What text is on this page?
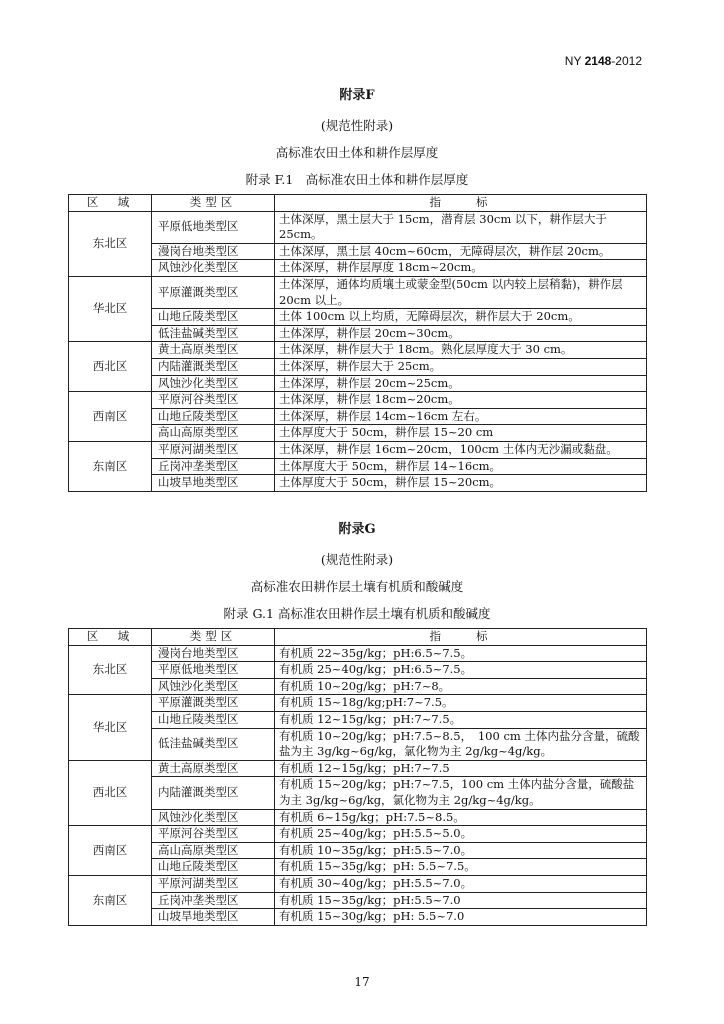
NY 2148-2012
附录F
(规范性附录)
高标准农田土体和耕作层厚度
附录 F.1　高标准农田土体和耕作层厚度
区　域	类型区	指　　标
东北区	平原低地类型区	土体深厚，黑土层大于 15cm，潜育层 30cm 以下，耕作层大于 25cm。
	漫岗台地类型区	土体深厚，黑土层 40cm~60cm，无障碍层次，耕作层 20cm。
	风蚀沙化类型区	土体深厚，耕作层厚度 18cm~20cm。
华北区	平原灌溉类型区	土体深厚，通体均质壤土或蒙金型(50cm 以内较上层稍黏)，耕作层 20cm 以上。
	山地丘陵类型区	土体 100cm 以上均质，无障碍层次，耕作层大于 20cm。
	低洼盐碱类型区	土体深厚，耕作层 20cm~30cm。
西北区	黄土高原类型区	土体深厚，耕作层大于 18cm。熟化层厚度大于 30 cm。
	内陆灌溉类型区	土体深厚，耕作层大于 25cm。
	风蚀沙化类型区	土体深厚，耕作层 20cm~25cm。
西南区	平原河谷类型区	土体深厚，耕作层 18cm~20cm。
	山地丘陵类型区	土体深厚，耕作层 14cm~16cm 左右。
	高山高原类型区	土体厚度大于 50cm，耕作层 15~20 cm
东南区	平原河湖类型区	土体深厚，耕作层 16cm~20cm，100cm 土体内无沙漏或黏盘。
	丘岗冲垄类型区	土体厚度大于 50cm，耕作层 14~16cm。
	山坡旱地类型区	土体厚度大于 50cm，耕作层 15~20cm。
附录G
(规范性附录)
高标准农田耕作层土壤有机质和酸碱度
附录 G.1 高标准农田耕作层土壤有机质和酸碱度
区　域	类型区	指　　标
东北区	漫岗台地类型区	有机质 22~35g/kg；pH:6.5~7.5。
	平原低地类型区	有机质 25~40g/kg；pH:6.5~7.5。
	风蚀沙化类型区	有机质 10~20g/kg；pH:7~8。
华北区	平原灌溉类型区	有机质 15~18g/kg;pH:7~7.5。
	山地丘陵类型区	有机质 12~15g/kg；pH:7~7.5。
	低洼盐碱类型区	有机质 10~20g/kg；pH:7.5~8.5，　100 cm 土体内盐分含量，硫酸盐为主 3g/kg~6g/kg，氯化物为主 2g/kg~4g/kg。
西北区	黄土高原类型区	有机质 12~15g/kg；pH:7~7.5
	内陆灌溉类型区	有机质 15~20g/kg；pH:7~7.5，100 cm 土体内盐分含量，硫酸盐为主 3g/kg~6g/kg，氯化物为主 2g/kg~4g/kg。
	风蚀沙化类型区	有机质 6~15g/kg；pH:7.5~8.5。
西南区	平原河谷类型区	有机质 25~40g/kg；pH:5.5~5.0。
	高山高原类型区	有机质 10~35g/kg；pH:5.5~7.0。
	山地丘陵类型区	有机质 15~35g/kg；pH: 5.5~7.5。
东南区	平原河湖类型区	有机质 30~40g/kg；pH:5.5~7.0。
	丘岗冲垄类型区	有机质 15~35g/kg；pH:5.5~7.0
	山坡旱地类型区	有机质 15~30g/kg；pH: 5.5~7.0
17
